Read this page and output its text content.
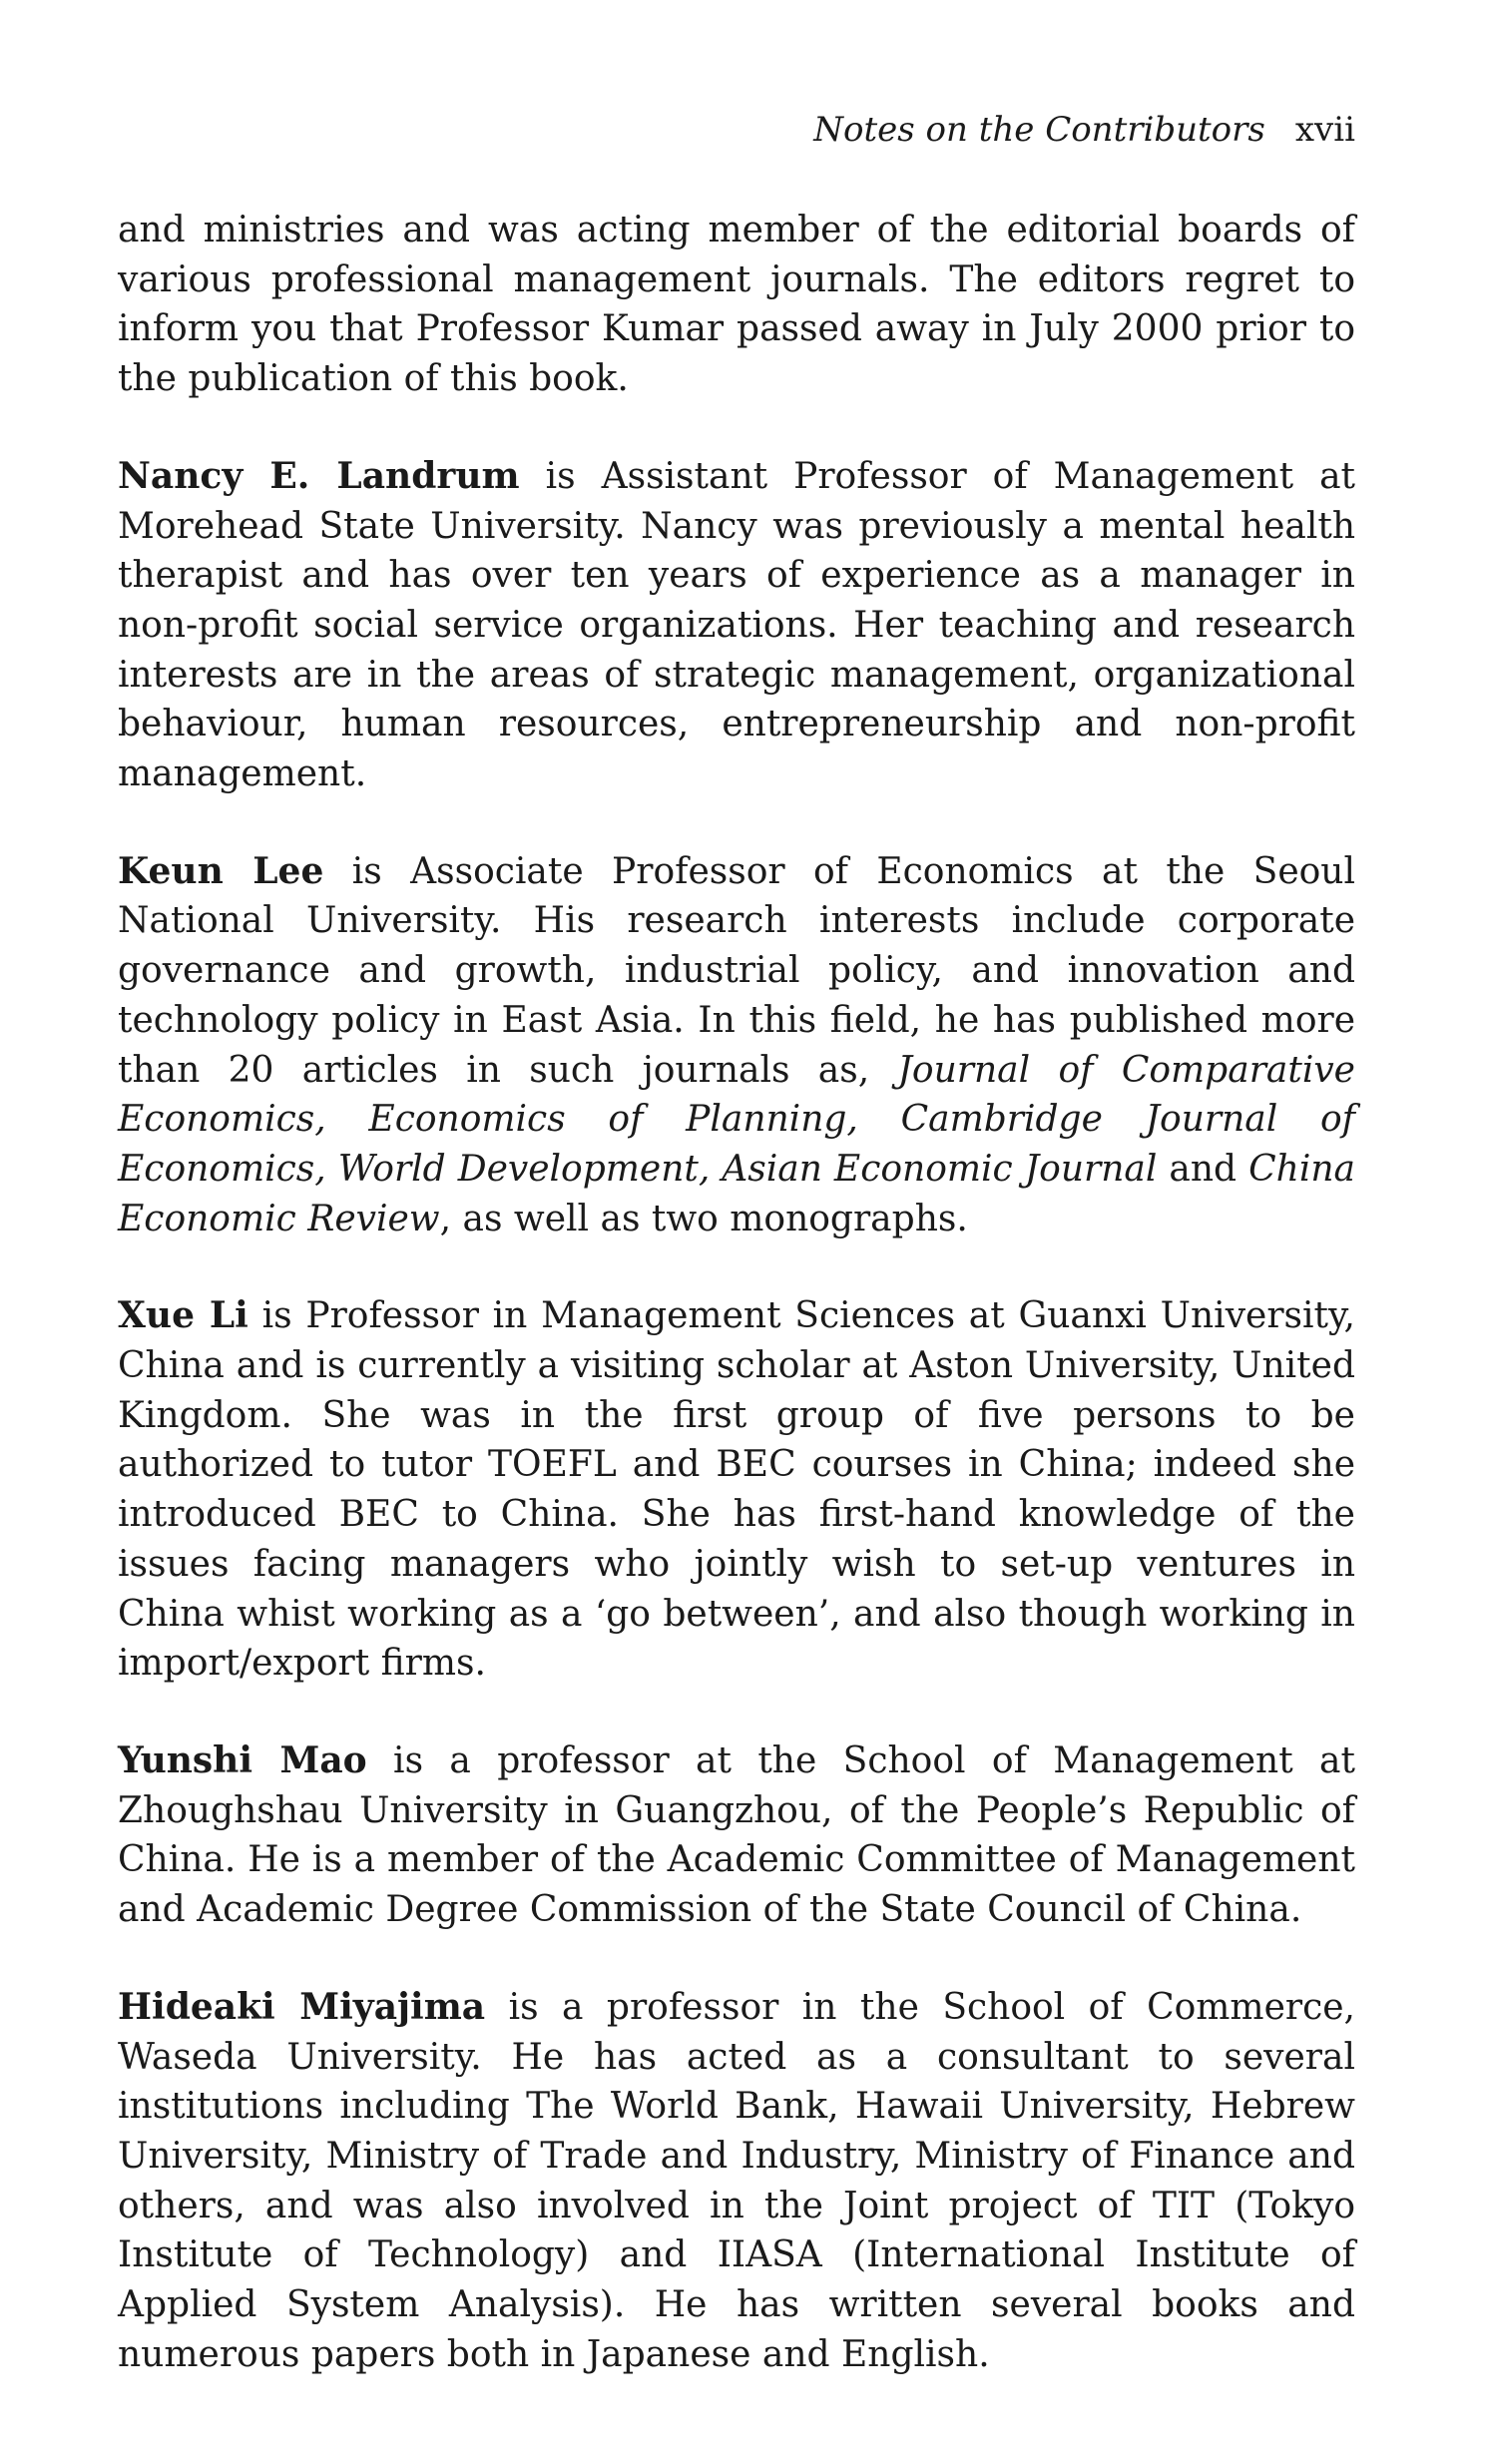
Notes on the Contributors xvii

and ministries and was acting member of the editorial boards of various professional management journals. The editors regret to inform you that Professor Kumar passed away in July 2000 prior to the publication of this book.

Nancy E. Landrum is Assistant Professor of Management at Morehead State University. Nancy was previously a mental health therapist and has over ten years of experience as a manager in non-profit social service organizations. Her teaching and research interests are in the areas of strategic management, organizational behaviour, human resources, entrepreneurship and non-profit management.

Keun Lee is Associate Professor of Economics at the Seoul National University. His research interests include corporate governance and growth, industrial policy, and innovation and technology policy in East Asia. In this field, he has published more than 20 articles in such journals as, Journal of Comparative Economics, Economics of Planning, Cambridge Journal of Economics, World Development, Asian Economic Journal and China Economic Review, as well as two monographs.

Xue Li is Professor in Management Sciences at Guanxi University, China and is currently a visiting scholar at Aston University, United Kingdom. She was in the first group of five persons to be authorized to tutor TOEFL and BEC courses in China; indeed she introduced BEC to China. She has first-hand knowledge of the issues facing managers who jointly wish to set-up ventures in China whist working as a ‘go between’, and also though working in import/export firms.

Yunshi Mao is a professor at the School of Management at Zhoughshau University in Guangzhou, of the People’s Republic of China. He is a member of the Academic Committee of Management and Academic Degree Commission of the State Council of China.

Hideaki Miyajima is a professor in the School of Commerce, Waseda University. He has acted as a consultant to several institutions including The World Bank, Hawaii University, Hebrew University, Ministry of Trade and Industry, Ministry of Finance and others, and was also involved in the Joint project of TIT (Tokyo Institute of Technology) and IIASA (International Institute of Applied System Analysis). He has written several books and numerous papers both in Japanese and English.
